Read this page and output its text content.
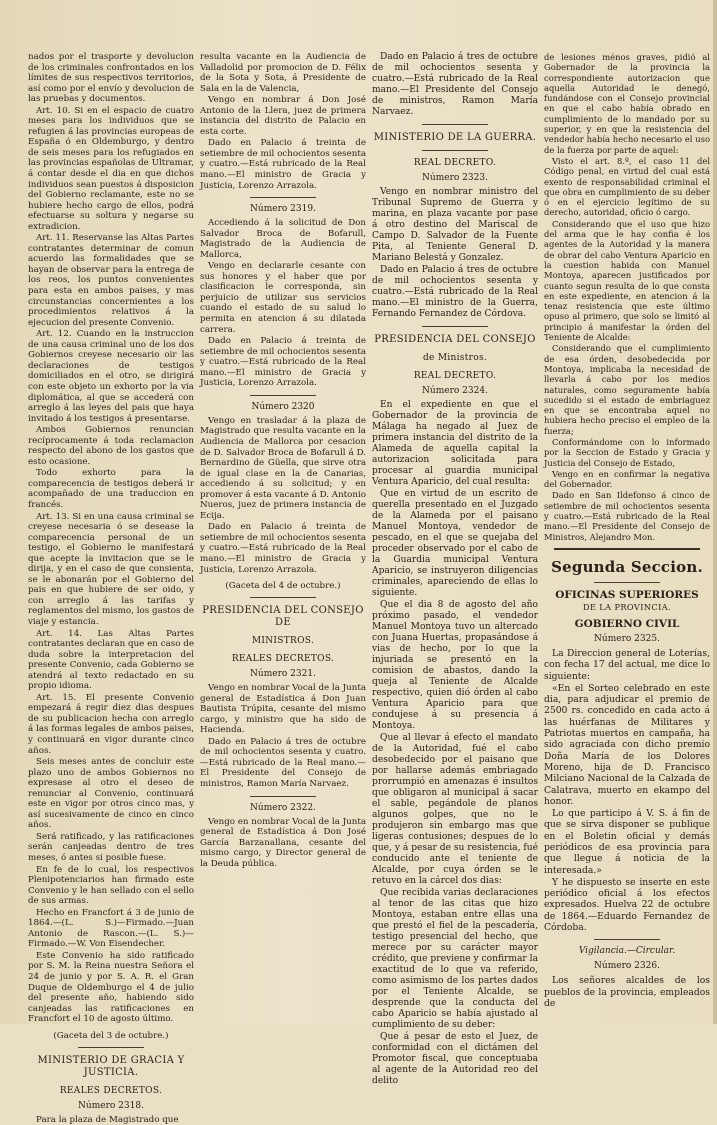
nados por el trasporte y devolucion de los criminales confrontados en los límites de sus respectivos territorios, así como por el envío y devolucion de las pruebas y documentos.

Art. 10. Si en el espacio de cuatro meses para los individuos que se refugien á las provincias europeas de España ó en Oldemburgo, y dentro de seis meses para los refugiados en las provincias españolas de Ultramar, á contar desde el dia en que dichos individuos sean puestos á disposicion del Gobierno reclamante, este no se hubiere hecho cargo de ellos, podrá efectuarse su soltura y negarse su extradicion.

Art. 11. Reservanse las Altas Partes contratantes determinar de comun acuerdo las formalidades que se hayan de observar para la entrega de los reos, los puntos convenientes para esta en ambos paises, y mas circunstancias concernientes a los procedimientos relativos á la ejecucion del presente Convenio.

Art. 12. Cuando en la instruccion de una causa criminal uno de los dos Gobiernos creyese necesario oir las declaraciones de testigos domiciliados en el otro, se dirigirá con este objeto un exhorto por la via diplomática, al que se accederá con arreglo á las leyes del pais que haya invitado á los testigos á presentarse.

Ambos Gobiernos renuncian recíprocamente á toda reclamacion respecto del abono de los gastos que esto ocasione.

Todo exhorto para la comparecencia de testigos deberá ir acompañado de una traduccion en francés.

Art. 13. Si en una causa criminal se creyese necesaria ó se desease la comparecencia personal de un testigo, el Gobierno le manifestará que acepte la invitacion que se le dirija, y en el caso de que consienta, se le abonarán por el Gobierno del pais en que hubiere de ser oido, y con arreglo á las tarifas y reglamentos del mismo, los gastos de viaje y estancia.

Art. 14. Las Altas Partes contratantes declaran que en caso de duda sobre la interpretacion del presente Convenio, cada Gobierno se atendrá al texto redactado en su propio idioma.

Art. 15. El presente Convenio empezará á regir diez dias despues de su publicacion hecha con arreglo á las formas legales de ambos paises, y continuará en vigor durante cinco años.

Seis meses antes de concluir este plazo uno de ambos Gobiernos no expresase al otro el deseo de renunciar al Convenio, continuará este en vigor por otros cinco mas, y así sucesivamente de cinco en cinco años.

Será ratificado, y las ratificaciones serán canjeadas dentro de tres meses, ó antes si posible fuese.

En fe de lo cual, los respectivos Plenipotenciarios han firmado este Convenio y le han sellado con el sello de sus armas.

Hecho en Francfort á 3 de junio de 1864.—(L. S.)—Firmado.—Juan Antonio de Rascon.—(L. S.)—Firmado.—W. Von Eisendecher.

Este Convenio ha sido ratificado por S. M. la Reina nuestra Señora el 24 de junio y por S. A. R. el Gran Duque de Oldemburgo el 4 de julio del presente año, habiendo sido canjeadas las ratificaciones en Francfort el 10 de agosto último.

(Gaceta del 3 de octubre.)
MINISTERIO DE GRACIA Y JUSTICIA.
REALES DECRETOS.
Número 2318.

Para la plaza de Magistrado que

resulta vacante en la Audiencia de Valladolid por promocion de D. Félix de la Sota y Sota, á Presidente de Sala en la de Valencia,

Vengo en nombrar á Don José Antonio de la Llera, juez de primera instancia del distrito de Palacio en esta corte.

Dado en Palacio á treinta de setiembre de mil ochocientos sesenta y cuatro.—Está rubricado de la Real mano.—El ministro de Gracia y Justicia, Lorenzo Arrazola.

Número 2319.

Accediendo á la solicitud de Don Salvador Broca de Bofarull, Magistrado de la Audiencia de Mallorca,

Vengo en declararle cesante con sus honores y el haber que por clasificacion le corresponda, sin perjuicio de utilizar sus servicios cuando el estado de su salud lo permita en atencion á su dilatada carrera.

Dado en Palacio á treinta de setiembre de mil ochocientos sesenta y cuatro.—Está rubricado de la Real mano.—El ministro de Gracia y Justicia, Lorenzo Arrazola.

Número 2320

Vengo en trasladar á la plaza de Magistrado que resulta vacante en la Audiencia de Mallorca por cesacion de D. Salvador Broca de Bofarull á D. Bernardino de Güella, que sirve otra de igual clase en la de Canarias, accediendo á su solicitud; y en promover á esta vacante á D. Antonio Nueros, juez de primera instancia de Ecija.

Dado en Palacio á treinta de setiembre de mil ochocientos sesenta y cuatro.—Está rubricado de la Real mano.—El ministro de Gracia y Justicia, Lorenzo Arrazola.

(Gaceta del 4 de octubre.)
PRESIDENCIA DEL CONSEJO DE
MINISTROS.
REALES DECRETOS.
Número 2321.

Vengo en nombrar Vocal de la Junta general de Estadística á Don Juan Bautista Trúpita, cesante del mismo cargo, y ministro que ha sido de Hacienda.

Dado en Palacio á tres de octubre de mil ochocientos sesenta y cuatro.—Está rubricado de la Real mano.—El Presidente del Consejo de ministros, Ramon María Narvaez.

Número 2322.

Vengo en nombrar Vocal de la Junta general de Estadística á Don José García Barzanallana, cesante del mismo cargo, y Director general de la Deuda pública.

Dado en Palacio á tres de octubre de mil ochocientos sesenta y cuatro.—Está rubricado de la Real mano.—El Presidente del Consejo de ministros, Ramon María Narvaez.

MINISTERIO DE LA GUERRA.
REAL DECRETO.
Número 2323.

Vengo en nombrar ministro del Tribunal Supremo de Guerra y marina, en plaza vacante por pase á otro destino del Mariscal de Campo D. Salvador de la Fuente Pita, al Teniente General D. Mariano Belestá y Gonzalez.

Dado en Palacio á tres de octubre de mil ochocientos sesenta y cuatro.—Está rubricado de la Real mano.—El ministro de la Guerra, Fernando Fernandez de Córdova.

PRESIDENCIA DEL CONSEJO
de Ministros.
REAL DECRETO.
Número 2324.

En el expediente en que el Gobernador de la provincia de Málaga ha negado al Juez de primera instancia del distrito de la Alameda de aquella capital la autorizacion solicitada para procesar al guardia municipal Ventura Aparicio, del cual resulta:

Que en virtud de un escrito de querella presentado en el Juzgado de la Alameda por el paisano Manuel Montoya, vendedor de pescado, en el que se quejaba del proceder observado por el cabo de la Guardia municipal Ventura Aparicio, se instruyeron diligencias criminales, apareciendo de ellas lo siguiente.

Que el dia 8 de agosto del año próximo pasado, el vendedor Manuel Montoya tuvo un altercado con Juana Huertas, propasándose á vias de hecho, por lo que la injuriada se presentó en la comision de abastos, dando la queja al Teniente de Alcalde respectivo, quien dió órden al cabo Ventura Aparicio para que condujese á su presencia á Montoya.

Que al llevar á efecto el mandato de la Autoridad, fué el cabo desobedecido por el paisano que por hallarse además embriagado prorrumpió en amenazas é insultos que obligaron al municipal á sacar el sable, pegándole de planos algunos golpes, que no le produjeron sin embargo mas que ligeras contusiones; despues de lo que, y á pesar de su resistencia, fué conducido ante el teniente de Alcalde, por cuya órden se le retuvo en la cárcel dos dias:

Que recibida varias declaraciones al tenor de las citas que hizo Montoya, estaban entre ellas una que prestó el fiel de la pescadería, testigo presencial del hecho, que merece por su carácter mayor crédito, que previene y confirmar la exactitud de lo que va referido, como asimismo de los partes dados por el Teniente Alcalde, se desprende que la conducta del cabo Aparicio se había ajustado al cumplimiento de su deber:

Que á pesar de esto el Juez, de conformidad con el dictámen del Promotor fiscal, que conceptuaba al agente de la Autoridad reo del delito

de lesiones ménos graves, pidió al Gobernador de la provincia la correspondiente autorizacion que aquella Autoridad le denegó, fundándose con el Consejo provincial en que el cabo había obrado en cumplimiento de lo mandado por su superior, y en que la resistencia del vendedor había hecho necesario el uso de la fuerza por parte de aquel:

Visto el art. 8.º, el caso 11 del Código penal, en virtud del cual está exento de responsabilidad criminal el que obra en cumplimiento de su deber ó en el ejercicio legítimo de su derecho, autoridad, oficio ó cargo.

Considerando que el uso que hizo del arma que le hay confia é los agentes de la Autoridad y la manera de obrar del cabo Ventura Aparicio en la cuestion habida con Manuel Montoya, aparecen justificados por cuanto segun resulta de lo que consta en este expediente, en atencion á la tenaz resistencia que este último opuso al primero, que solo se limitó al principio á manifestar la órden del Teniente de Alcalde:

Considerando que el cumplimiento de esa órden, desobedecida por Montoya, implicaba la necesidad de llevarla á cabo por los medios naturales, como seguramente había sucedido si el estado de embriaguez en que se encontraba aquel no hubiera hecho preciso el empleo de la fuerza;

Conformándome con lo informado por la Seccion de Estado y Gracia y Justicia del Consejo de Estado,

Vengo en en confirmar la negativa del Gobernador.

Dado en San Ildefonso á cinco de setiembre de mil ochocientos sesenta y cuatro.—Está rubricado de la Real mano.—El Presidente del Consejo de Ministros, Alejandro Mon.

Segunda Seccion.
OFICINAS SUPERIORES
DE LA PROVINCIA.
GOBIERNO CIVIL
Número 2325.

La Direccion general de Loterías, con fecha 17 del actual, me dice lo siguiente:

«En el Sorteo celebrado en este dia, para adjudicar el premio de 2500 rs. concedido en cada acto á las huérfanas de Militares y Patriotas muertos en campaña, ha sido agraciada con dicho premio Doña María de los Dolores Moreno, hija de D. Francisco Milciano Nacional de la Calzada de Calatrava, muerto en ekampo del honor.

Lo que participo á V. S. á fin de que se sirva disponer se publique en el Boletin oficial y demás periódicos de esa provincia para que llegue á noticia de la interesada.»

Y he dispuesto se inserte en este periódico oficial á los efectos expresados. Huelva 22 de octubre de 1864.—Eduardo Fernandez de Córdoba.

Vigilancia.—Circular.
Número 2326.

Los señores alcaldes de los pueblos de la provincia, empleados de
